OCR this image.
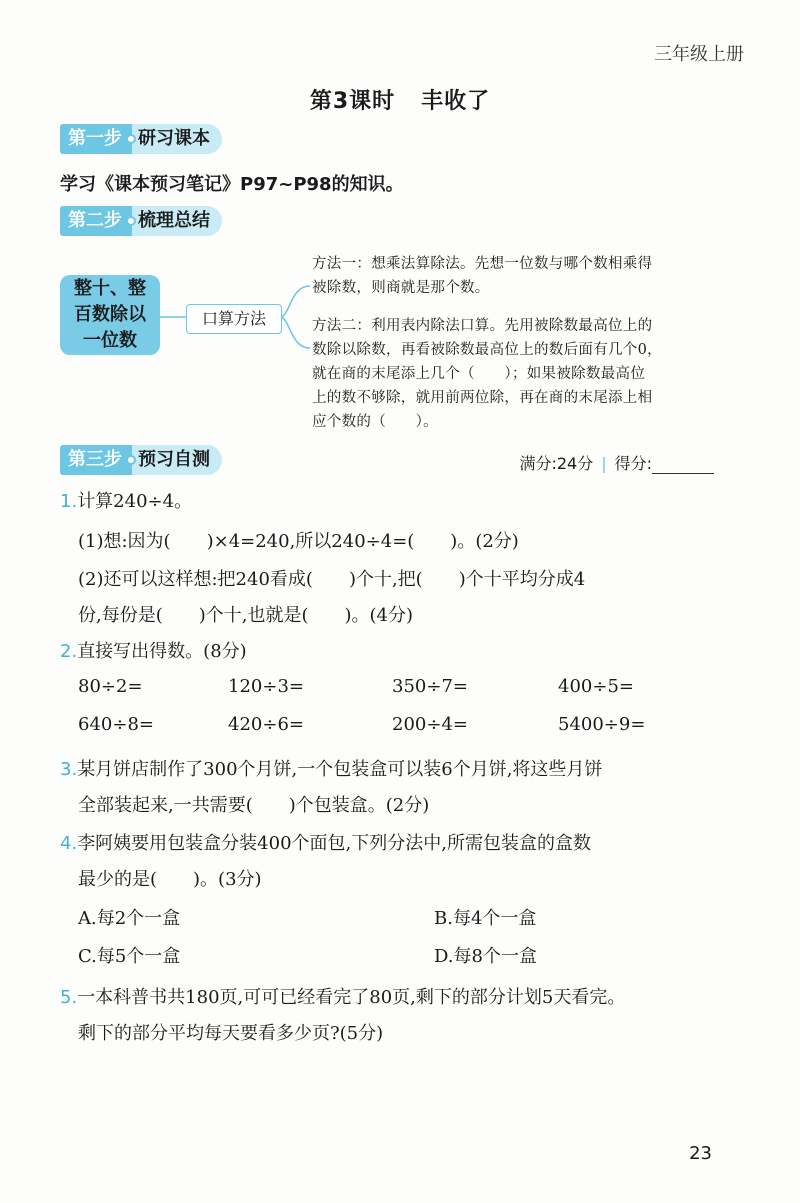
三年级上册
第3课时 丰收了
第一步 研习课本
学习《课本预习笔记》P97~P98的知识。
第二步 梳理总结
整十、整
百数除以
一位数
口算方法
方法一：想乘法算除法。先想一位数与哪个数相乘得
被除数，则商就是那个数。
方法二：利用表内除法口算。先用被除数最高位上的
数除以除数，再看被除数最高位上的数后面有几个0，
就在商的末尾添上几个（　　）；如果被除数最高位
上的数不够除，就用前两位除，再在商的末尾添上相
应个数的（　　）。
第三步 预习自测	满分:24分 | 得分:
1.计算240÷4。
(1)想:因为(　　)×4=240,所以240÷4=(　　)。(2分)
(2)还可以这样想:把240看成(　　)个十,把(　　)个十平均分成4
份,每份是(　　)个十,也就是(　　)。(4分)
2.直接写出得数。(8分)
80÷2=	120÷3=	350÷7=	400÷5=
640÷8=	420÷6=	200÷4=	5400÷9=
3.某月饼店制作了300个月饼,一个包装盒可以装6个月饼,将这些月饼
全部装起来,一共需要(　　)个包装盒。(2分)
4.李阿姨要用包装盒分装400个面包,下列分法中,所需包装盒的盒数
最少的是(　　)。(3分)
A.每2个一盒	B.每4个一盒
C.每5个一盒	D.每8个一盒
5.一本科普书共180页,可可已经看完了80页,剩下的部分计划5天看完。
剩下的部分平均每天要看多少页?(5分)
23
